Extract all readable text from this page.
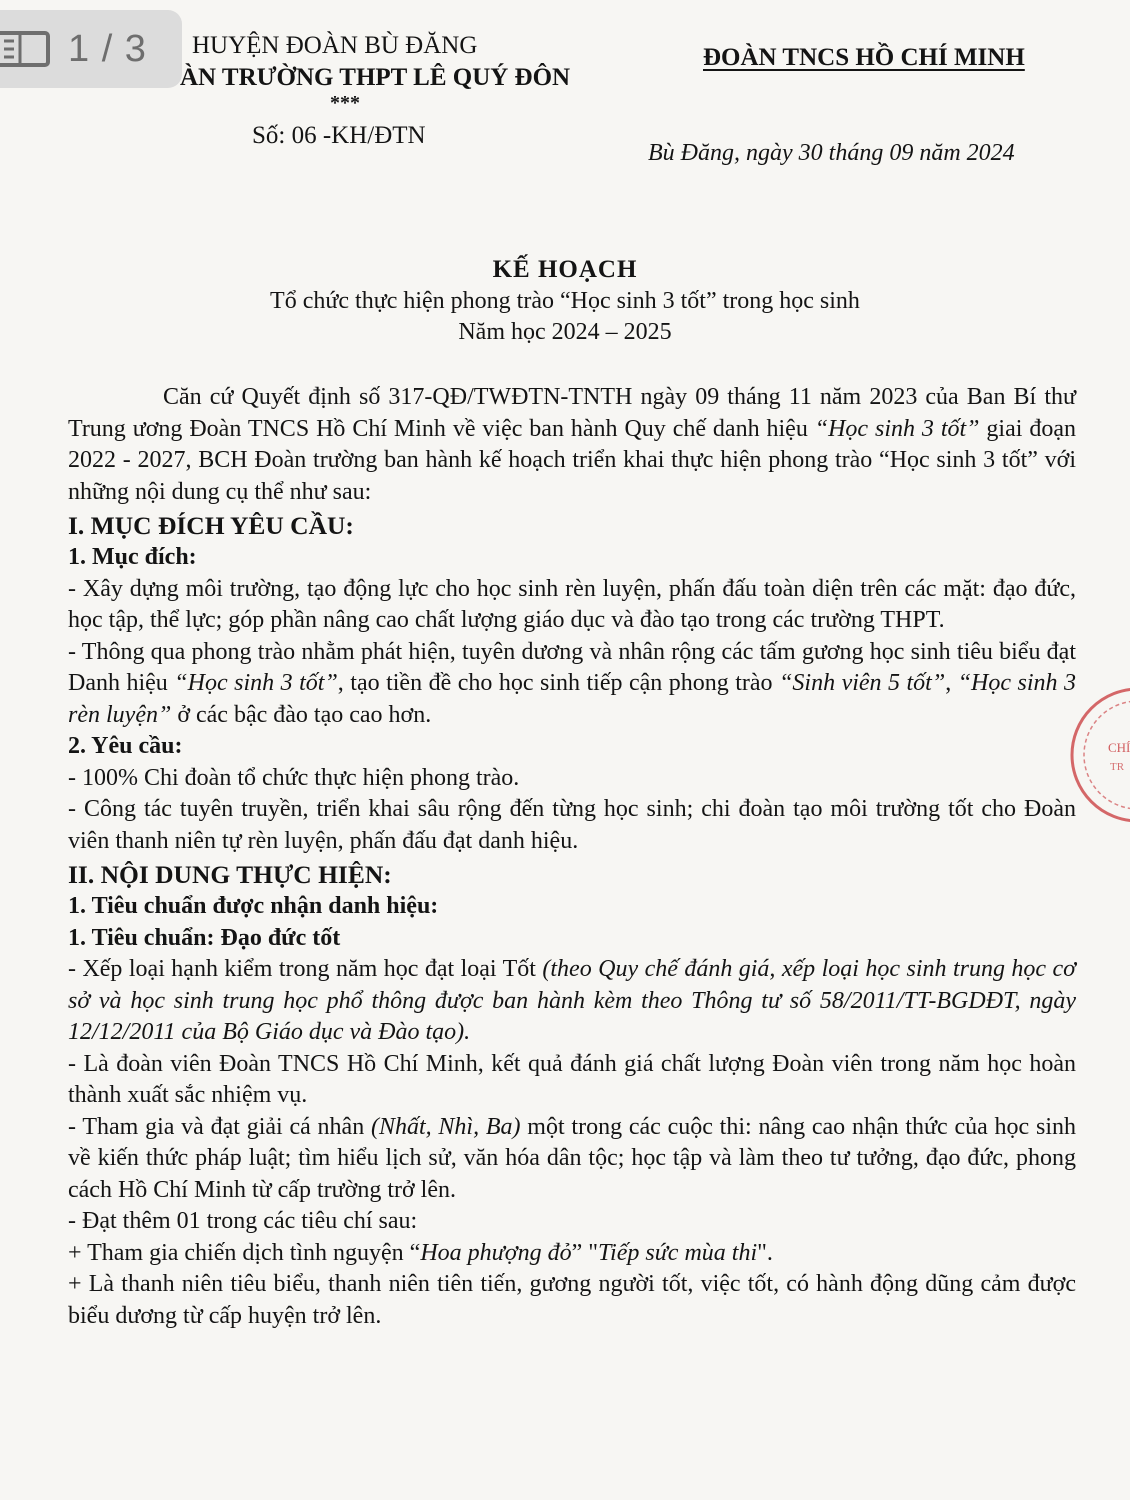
1 / 3	HUYỆN ĐOÀN BÙ ĐĂNG
ÀN TRƯỜNG THPT LÊ QUÝ ĐÔN
***
Số: 06 -KH/ĐTN
ĐOÀN TNCS HỒ CHÍ MINH
Bù Đăng, ngày 30 tháng 09 năm 2024
KẾ HOẠCH
Tổ chức thực hiện phong trào “Học sinh 3 tốt” trong học sinh
Năm học 2024 – 2025

Căn cứ Quyết định số 317-QĐ/TWĐTN-TNTH ngày 09 tháng 11 năm 2023 của Ban Bí thư Trung ương Đoàn TNCS Hồ Chí Minh về việc ban hành Quy chế danh hiệu “Học sinh 3 tốt” giai đoạn 2022 - 2027, BCH Đoàn trường ban hành kế hoạch triển khai thực hiện phong trào “Học sinh 3 tốt” với những nội dung cụ thể như sau:

I. MỤC ĐÍCH YÊU CẦU:
1. Mục đích:

- Xây dựng môi trường, tạo động lực cho học sinh rèn luyện, phấn đấu toàn diện trên các mặt: đạo đức, học tập, thể lực; góp phần nâng cao chất lượng giáo dục và đào tạo trong các trường THPT.

- Thông qua phong trào nhằm phát hiện, tuyên dương và nhân rộng các tấm gương học sinh tiêu biểu đạt Danh hiệu “Học sinh 3 tốt”, tạo tiền đề cho học sinh tiếp cận phong trào “Sinh viên 5 tốt”, “Học sinh 3 rèn luyện” ở các bậc đào tạo cao hơn.

2. Yêu cầu:

- 100% Chi đoàn tổ chức thực hiện phong trào.

- Công tác tuyên truyền, triển khai sâu rộng đến từng học sinh; chi đoàn tạo môi trường tốt cho Đoàn viên thanh niên tự rèn luyện, phấn đấu đạt danh hiệu.

II. NỘI DUNG THỰC HIỆN:
1. Tiêu chuẩn được nhận danh hiệu:
1. Tiêu chuẩn: Đạo đức tốt

- Xếp loại hạnh kiểm trong năm học đạt loại Tốt (theo Quy chế đánh giá, xếp loại học sinh trung học cơ sở và học sinh trung học phổ thông được ban hành kèm theo Thông tư số 58/2011/TT-BGDĐT, ngày 12/12/2011 của Bộ Giáo dục và Đào tạo).

- Là đoàn viên Đoàn TNCS Hồ Chí Minh, kết quả đánh giá chất lượng Đoàn viên trong năm học hoàn thành xuất sắc nhiệm vụ.

- Tham gia và đạt giải cá nhân (Nhất, Nhì, Ba) một trong các cuộc thi: nâng cao nhận thức của học sinh về kiến thức pháp luật; tìm hiểu lịch sử, văn hóa dân tộc; học tập và làm theo tư tưởng, đạo đức, phong cách Hồ Chí Minh từ cấp trường trở lên.

- Đạt thêm 01 trong các tiêu chí sau:

+ Tham gia chiến dịch tình nguyện “Hoa phượng đỏ” "Tiếp sức mùa thi".

+ Là thanh niên tiêu biểu, thanh niên tiên tiến, gương người tốt, việc tốt, có hành động dũng cảm được biểu dương từ cấp huyện trở lên.

CHÍ
TR
